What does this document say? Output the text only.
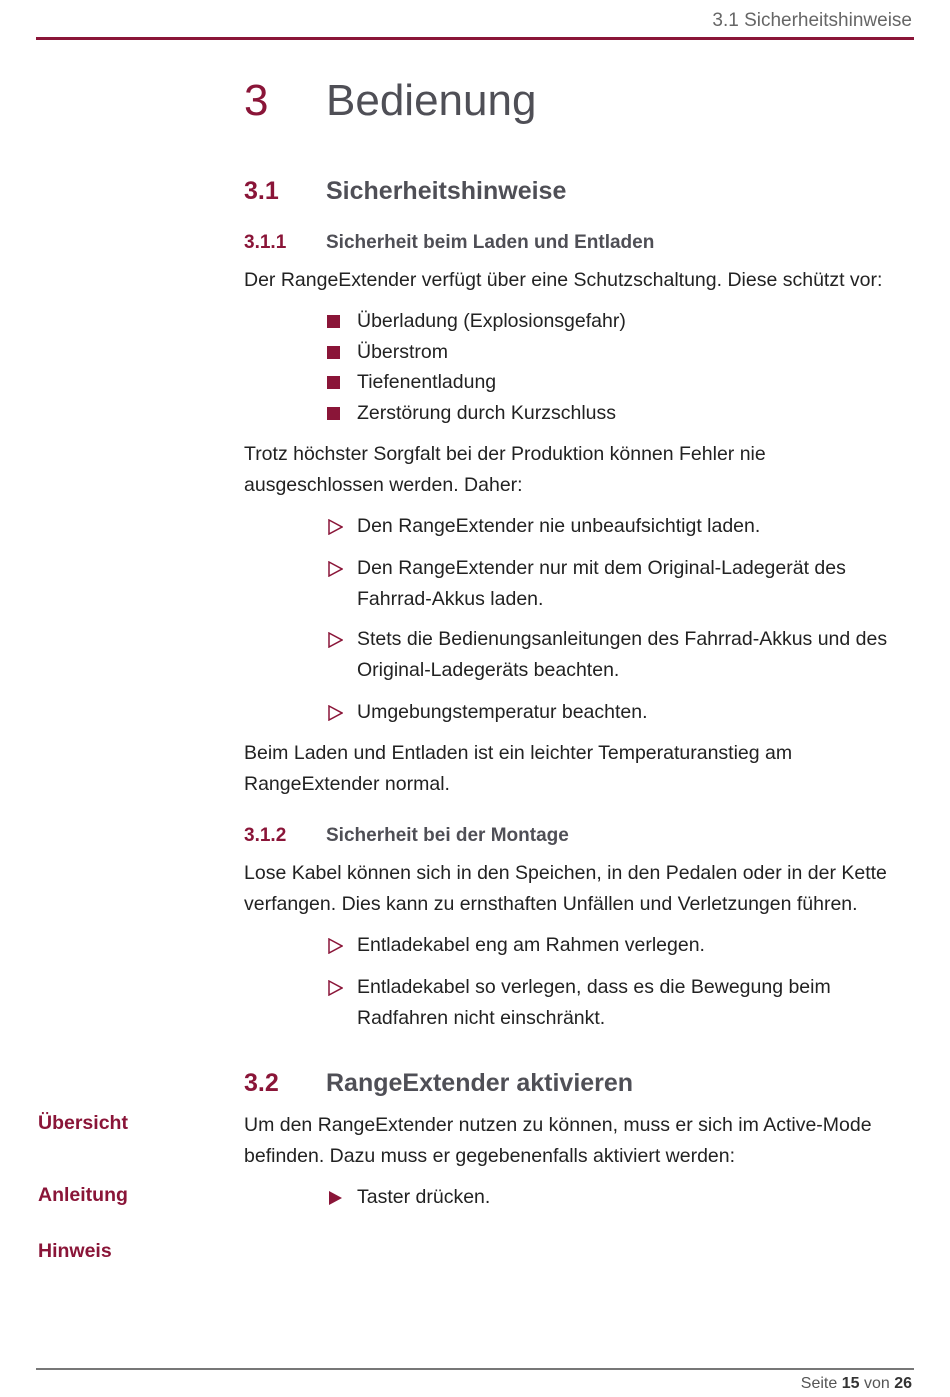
3.1 Sicherheitshinweise
3 Bedienung
3.1 Sicherheitshinweise
3.1.1 Sicherheit beim Laden und Entladen

Der RangeExtender verfügt über eine Schutzschaltung. Diese schützt vor:

Überladung (Explosionsgefahr)
Überstrom
Tiefenentladung
Zerstörung durch Kurzschluss

Trotz höchster Sorgfalt bei der Produktion können Fehler nie ausgeschlossen werden. Daher:

Den RangeExtender nie unbeaufsichtigt laden.
Den RangeExtender nur mit dem Original-Ladegerät des Fahrrad-Akkus laden.
Stets die Bedienungsanleitungen des Fahrrad-Akkus und des Original-Ladegeräts beachten.
Umgebungstemperatur beachten.

Beim Laden und Entladen ist ein leichter Temperaturanstieg am RangeExtender normal.

3.1.2 Sicherheit bei der Montage

Lose Kabel können sich in den Speichen, in den Pedalen oder in der Kette verfangen. Dies kann zu ernsthaften Unfällen und Verletzungen führen.

Entladekabel eng am Rahmen verlegen.
Entladekabel so verlegen, dass es die Bewegung beim Radfahren nicht einschränkt.
3.2 RangeExtender aktivieren

Um den RangeExtender nutzen zu können, muss er sich im Active-Mode befinden. Dazu muss er gegebenenfalls aktiviert werden:

Taster drücken.
Übersicht
Anleitung
Hinweis
Seite 15 von 26
